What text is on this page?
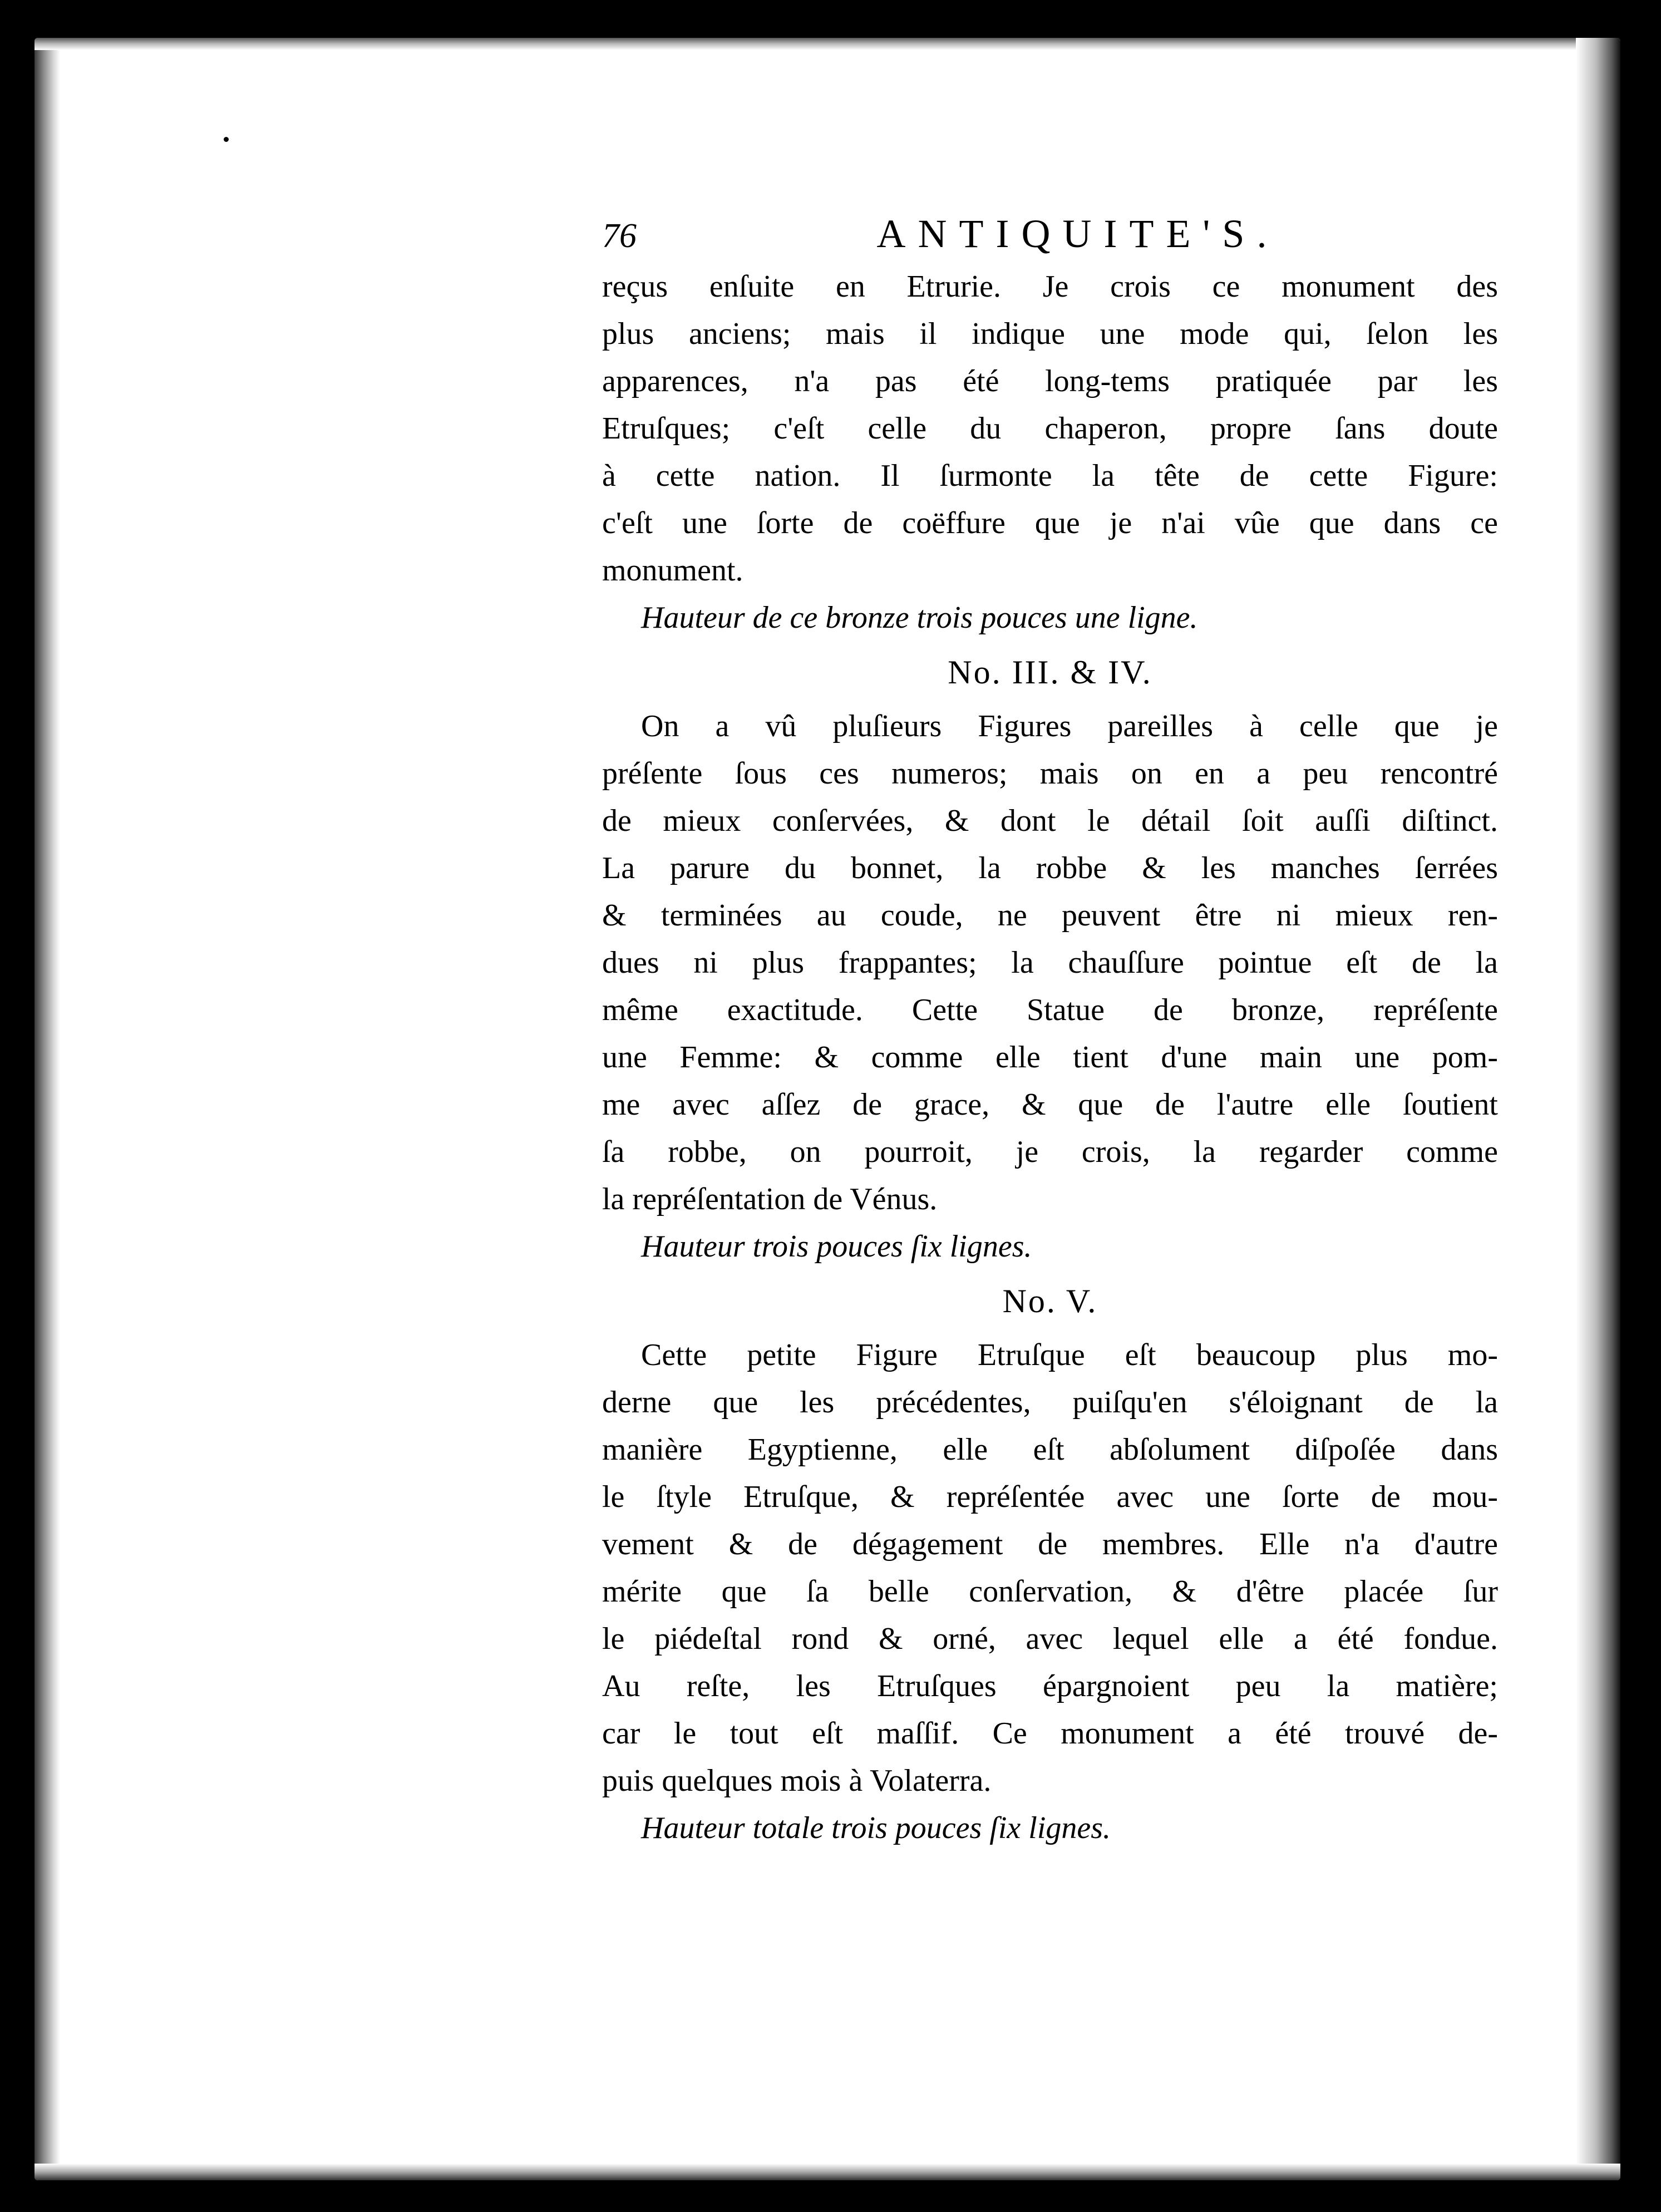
76	ANTIQUITE'S.
reçus enſuite en Etrurie. Je crois ce monument des
plus anciens; mais il indique une mode qui, ſelon les
apparences, n'a pas été long-tems pratiquée par les
Etruſques; c'eſt celle du chaperon, propre ſans doute
à cette nation. Il ſurmonte la tête de cette Figure:
c'eſt une ſorte de coëffure que je n'ai vûe que dans ce
monument.

Hauteur de ce bronze trois pouces une ligne.

No. III. & IV.

On a vû pluſieurs Figures pareilles à celle que je
préſente ſous ces numeros; mais on en a peu rencontré
de mieux conſervées, & dont le détail ſoit auſſi diſtinct.
La parure du bonnet, la robbe & les manches ſerrées
& terminées au coude, ne peuvent être ni mieux ren-
dues ni plus frappantes; la chauſſure pointue eſt de la
même exactitude. Cette Statue de bronze, repréſente
une Femme: & comme elle tient d'une main une pom-
me avec aſſez de grace, & que de l'autre elle ſoutient
ſa robbe, on pourroit, je crois, la regarder comme
la repréſentation de Vénus.

Hauteur trois pouces ſix lignes.

No. V.

Cette petite Figure Etruſque eſt beaucoup plus mo-
derne que les précédentes, puiſqu'en s'éloignant de la
manière Egyptienne, elle eſt abſolument diſpoſée dans
le ſtyle Etruſque, & repréſentée avec une ſorte de mou-
vement & de dégagement de membres. Elle n'a d'autre
mérite que ſa belle conſervation, & d'être placée ſur
le piédeſtal rond & orné, avec lequel elle a été fondue.
Au reſte, les Etruſques épargnoient peu la matière;
car le tout eſt maſſif. Ce monument a été trouvé de-
puis quelques mois à Volaterra.

Hauteur totale trois pouces ſix lignes.
